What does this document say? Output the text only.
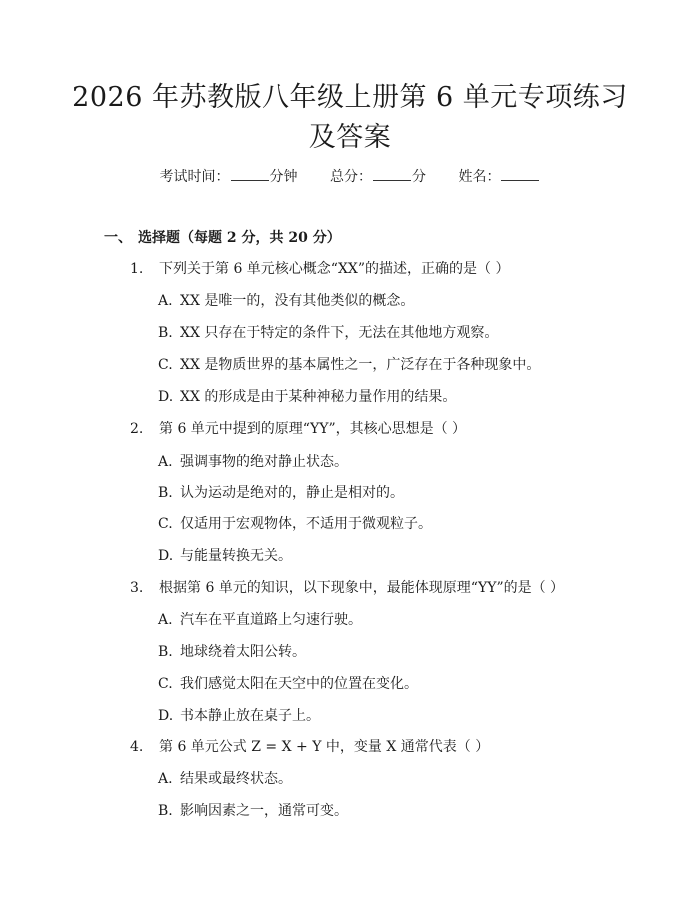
2026 年苏教版八年级上册第 6 单元专项练习
及答案
考试时间：	分钟 总分：	分 姓名：
一、 选择题（每题 2 分，共 20 分）
1. 下列关于第 6 单元核心概念“XX”的描述，正确的是（ ）
A. XX 是唯一的，没有其他类似的概念。
B. XX 只存在于特定的条件下，无法在其他地方观察。
C. XX 是物质世界的基本属性之一，广泛存在于各种现象中。
D. XX 的形成是由于某种神秘力量作用的结果。
2. 第 6 单元中提到的原理“YY”，其核心思想是（ ）
A. 强调事物的绝对静止状态。
B. 认为运动是绝对的，静止是相对的。
C. 仅适用于宏观物体，不适用于微观粒子。
D. 与能量转换无关。
3. 根据第 6 单元的知识，以下现象中，最能体现原理“YY”的是（ ）
A. 汽车在平直道路上匀速行驶。
B. 地球绕着太阳公转。
C. 我们感觉太阳在天空中的位置在变化。
D. 书本静止放在桌子上。
4. 第 6 单元公式 Z = X + Y 中，变量 X 通常代表（ ）
A. 结果或最终状态。
B. 影响因素之一，通常可变。
